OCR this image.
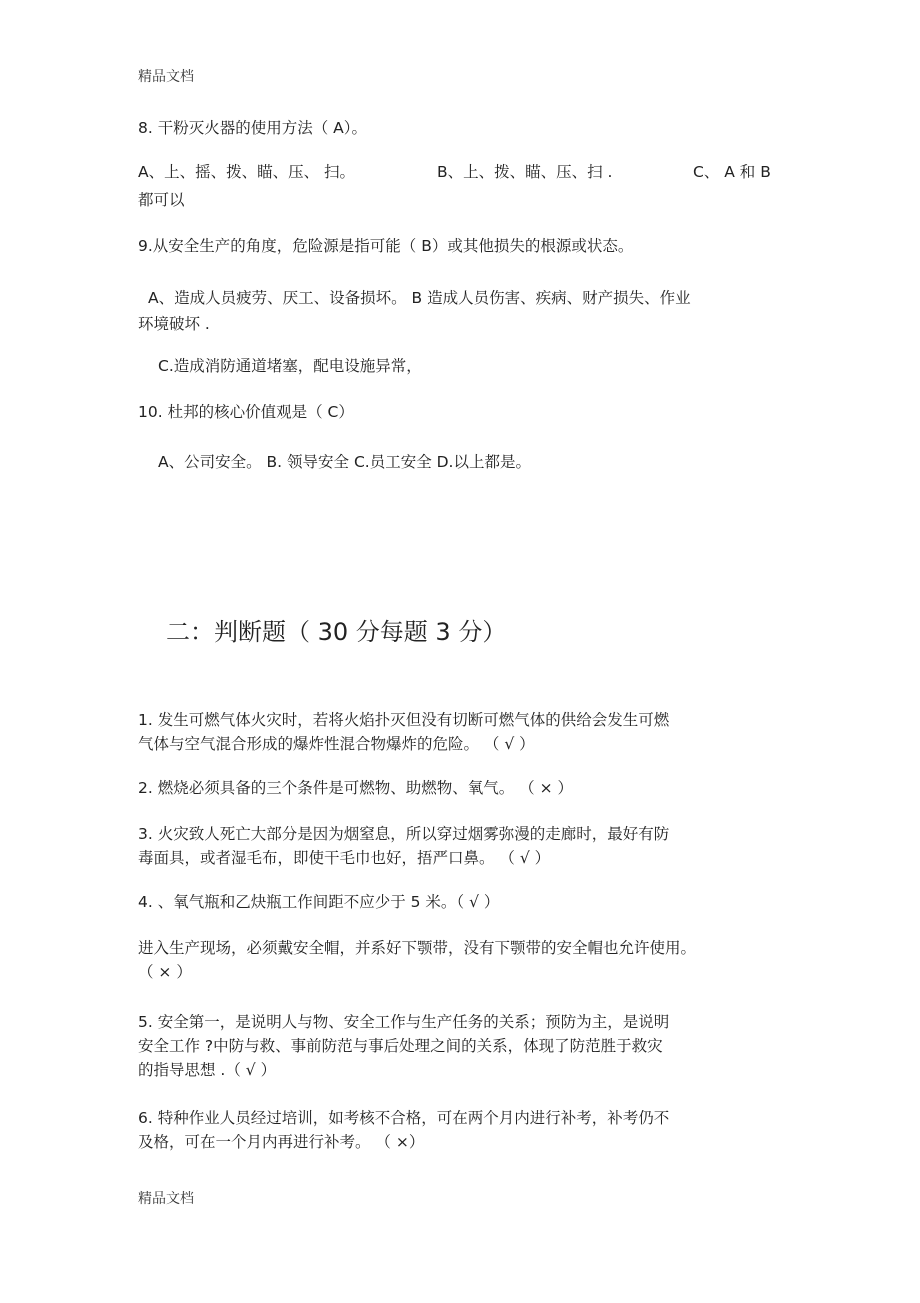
精品文档
8. 干粉灭火器的使用方法（ A）。
A、上、摇、拨、瞄、压、 扫。	B、上、拨、瞄、压、扫 .	C、 A 和 B
都可以
9.从安全生产的角度，危险源是指可能（ B）或其他损失的根源或状态。
A、造成人员疲劳、厌工、设备损坏。 B 造成人员伤害、疾病、财产损失、作业
环境破坏 .
C.造成消防通道堵塞，配电设施异常，
10. 杜邦的核心价值观是（ C）
A、公司安全。 B. 领导安全 C.员工安全 D.以上都是。
二：判断题（ 30 分每题 3 分）
1. 发生可燃气体火灾时，若将火焰扑灭但没有切断可燃气体的供给会发生可燃
气体与空气混合形成的爆炸性混合物爆炸的危险。 （ √ ）
2. 燃烧必须具备的三个条件是可燃物、助燃物、氧气。 （ × ）
3. 火灾致人死亡大部分是因为烟窒息，所以穿过烟雾弥漫的走廊时，最好有防
毒面具，或者湿毛布，即使干毛巾也好，捂严口鼻。 （ √ ）
4. 、氧气瓶和乙炔瓶工作间距不应少于 5 米。（ √ ）
进入生产现场，必须戴安全帽，并系好下颚带，没有下颚带的安全帽也允许使用。
（ × ）
5. 安全第一，是说明人与物、安全工作与生产任务的关系；预防为主，是说明
安全工作 ?中防与救、事前防范与事后处理之间的关系，体现了防范胜于救灾
的指导思想 .（ √ ）
6. 特种作业人员经过培训，如考核不合格，可在两个月内进行补考，补考仍不
及格，可在一个月内再进行补考。 （ ×）
精品文档
